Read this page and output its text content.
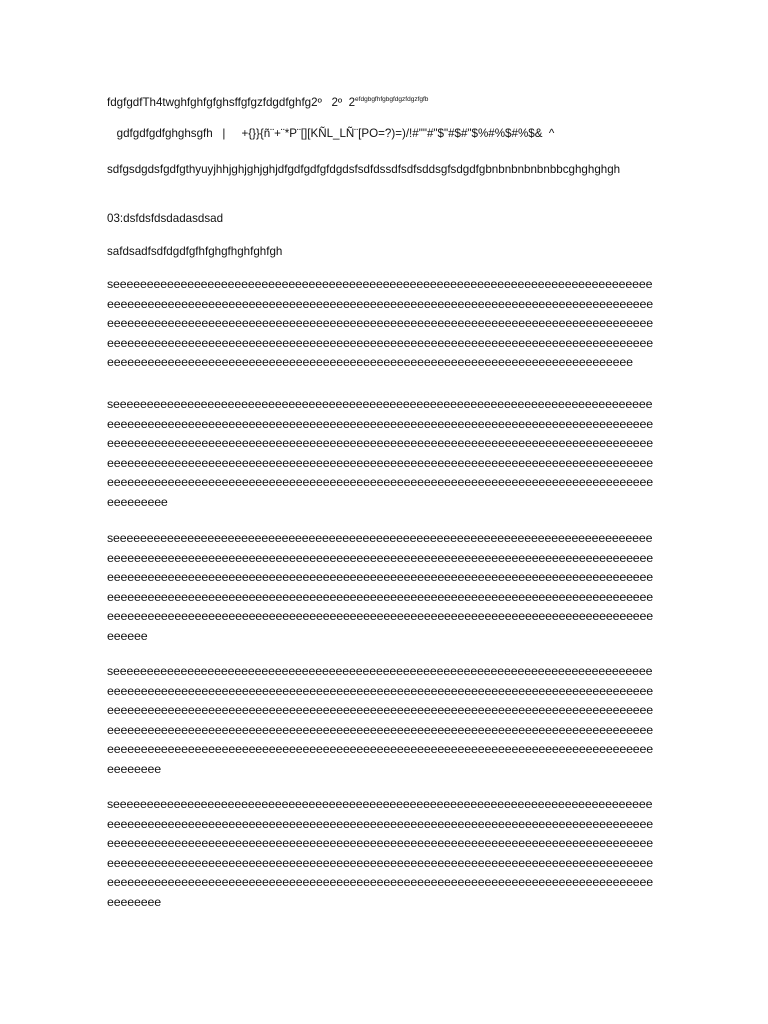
fdgfgdfTh4twghfghfgfghsffgfgzfdgdfghfg2º   2º  $2^{efdgbgfhfgbgfdgzfdgzfgfb}$

gdfgdfgdfghghsgfh   |     +{}}{ñ¨+¨*P¨[][KÑL_LÑ¨[PO=?)=)/!#""#"$"#$#"$%#%$#%$&  ^

sdfgsdgdsfgdfgthyuyjhhjghjghjghjdfgdfgdfgfdgdsfsdfdssdfsdfsddsgfsdgdfgbnbnbnbnbnbbcghghghgh

03:dsfdsfdsdadasdsad

safdsadfsdfdgdfgfhfghgfhghfghfgh

seeeeeeeeeeeeeeeeeeeeeeeeeeeeeeeeeeeeeeeeeeeeeeeeeeeeeeeeeeeeeeeeeeeeeeeeeeeeeeeeeeeeeeeeeeeeeeeeeeeeeeeeeeeeeeeeeeeeeeeeeeeeeeeeeeeeeeeeeeeeeeeeeeeeeeeeeeeeeeeeeeeeeeeeeeeeeeeeeeeeeeeeeeeeeeeeeeeeeeeeeeeeeeeeeeeeeeeeeeeeeeeeeeeeeeeeeeeeeeeeeeeeeeeeeeeeeeeeeeeeeeeeeeeeeeeeeeeeeeeeeeeeeeeeeeeeeeeeeeeeeeeeeeeeeeeeeeeeeeeeeeeeeeeeeeeeeeeeeeeeeeeeeeeeeeeeeeeeeeeeeeeeeeeeeeeeeeeeeeeeeeeeeeeeeeeeeeeeeeeee

seeeeeeeeeeeeeeeeeeeeeeeeeeeeeeeeeeeeeeeeeeeeeeeeeeeeeeeeeeeeeeeeeeeeeeeeeeeeeeeeeeeeeeeeeeeeeeeeeeeeeeeeeeeeeeeeeeeeeeeeeeeeeeeeeeeeeeeeeeeeeeeeeeeeeeeeeeeeeeeeeeeeeeeeeeeeeeeeeeeeeeeeeeeeeeeeeeeeeeeeeeeeeeeeeeeeeeeeeeeeeeeeeeeeeeeeeeeeeeeeeeeeeeeeeeeeeeeeeeeeeeeeeeeeeeeeeeeeeeeeeeeeeeeeeeeeeeeeeeeeeeeeeeeeeeeeeeeeeeeeeeeeeeeeeeeeeeeeeeeeeeeeeeeeeeeeeeeeeeeeeeeeeeeeeeeeeeeeeeeeeeeeeeeeeeeeeeeeeeeeeeeeeeeeeeeee

seeeeeeeeeeeeeeeeeeeeeeeeeeeeeeeeeeeeeeeeeeeeeeeeeeeeeeeeeeeeeeeeeeeeeeeeeeeeeeeeeeeeeeeeeeeeeeeeeeeeeeeeeeeeeeeeeeeeeeeeeeeeeeeeeeeeeeeeeeeeeeeeeeeeeeeeeeeeeeeeeeeeeeeeeeeeeeeeeeeeeeeeeeeeeeeeeeeeeeeeeeeeeeeeeeeeeeeeeeeeeeeeeeeeeeeeeeeeeeeeeeeeeeeeeeeeeeeeeeeeeeeeeeeeeeeeeeeeeeeeeeeeeeeeeeeeeeeeeeeeeeeeeeeeeeeeeeeeeeeeeeeeeeeeeeeeeeeeeeeeeeeeeeeeeeeeeeeeeeeeeeeeeeeeeeeeeeeeeeeeeeeeeeeeeeeeeeeeeeeeeeeeeeeeee

seeeeeeeeeeeeeeeeeeeeeeeeeeeeeeeeeeeeeeeeeeeeeeeeeeeeeeeeeeeeeeeeeeeeeeeeeeeeeeeeeeeeeeeeeeeeeeeeeeeeeeeeeeeeeeeeeeeeeeeeeeeeeeeeeeeeeeeeeeeeeeeeeeeeeeeeeeeeeeeeeeeeeeeeeeeeeeeeeeeeeeeeeeeeeeeeeeeeeeeeeeeeeeeeeeeeeeeeeeeeeeeeeeeeeeeeeeeeeeeeeeeeeeeeeeeeeeeeeeeeeeeeeeeeeeeeeeeeeeeeeeeeeeeeeeeeeeeeeeeeeeeeeeeeeeeeeeeeeeeeeeeeeeeeeeeeeeeeeeeeeeeeeeeeeeeeeeeeeeeeeeeeeeeeeeeeeeeeeeeeeeeeeeeeeeeeeeeeeeeeeeeeeeeeeeee

seeeeeeeeeeeeeeeeeeeeeeeeeeeeeeeeeeeeeeeeeeeeeeeeeeeeeeeeeeeeeeeeeeeeeeeeeeeeeeeeeeeeeeeeeeeeeeeeeeeeeeeeeeeeeeeeeeeeeeeeeeeeeeeeeeeeeeeeeeeeeeeeeeeeeeeeeeeeeeeeeeeeeeeeeeeeeeeeeeeeeeeeeeeeeeeeeeeeeeeeeeeeeeeeeeeeeeeeeeeeeeeeeeeeeeeeeeeeeeeeeeeeeeeeeeeeeeeeeeeeeeeeeeeeeeeeeeeeeeeeeeeeeeeeeeeeeeeeeeeeeeeeeeeeeeeeeeeeeeeeeeeeeeeeeeeeeeeeeeeeeeeeeeeeeeeeeeeeeeeeeeeeeeeeeeeeeeeeeeeeeeeeeeeeeeeeeeeeeeeeeeeeeeeeeeee
